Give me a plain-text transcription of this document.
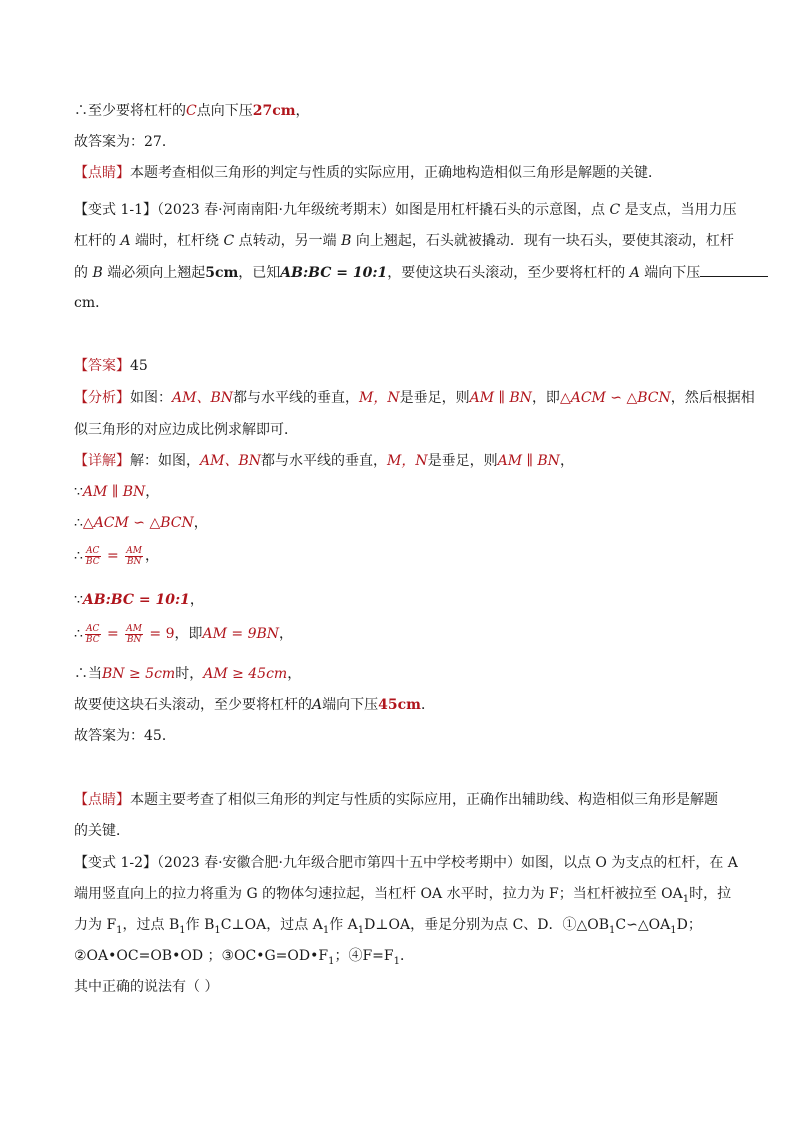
∴至少要将杠杆的C点向下压27cm，
故答案为：27．
【点睛】本题考查相似三角形的判定与性质的实际应用，正确地构造相似三角形是解题的关键．
【变式 1-1】（2023 春·河南南阳·九年级统考期末）如图是用杠杆撬石头的示意图，点 C 是支点，当用力压
杠杆的 A 端时，杠杆绕 C 点转动，另一端 B 向上翘起，石头就被撬动．现有一块石头，要使其滚动，杠杆
的 B 端必须向上翘起5cm，已知AB:BC = 10:1，要使这块石头滚动，至少要将杠杆的 A 端向下压
cm．
【答案】45
【分析】如图：AM、BN都与水平线的垂直，M，N是垂足，则AM ∥ BN，即△ACM ∽ △BCN，然后根据相
似三角形的对应边成比例求解即可．
【详解】解：如图，AM、BN都与水平线的垂直，M，N是垂足，则AM ∥ BN，
∵AM ∥ BN，
∴△ACM ∽ △BCN，
∴ $\frac{AC}{BC} = \frac{AM}{BN}$ ，
∵AB:BC = 10:1，
∴ $\frac{AC}{BC} = \frac{AM}{BN} = 9$，即AM = 9BN，
∴当BN ≥ 5cm时，AM ≥ 45cm，
故要使这块石头滚动，至少要将杠杆的A端向下压45cm．
故答案为：45．
【点睛】本题主要考查了相似三角形的判定与性质的实际应用，正确作出辅助线、构造相似三角形是解题
的关键．
【变式 1-2】（2023 春·安徽合肥·九年级合肥市第四十五中学校考期中）如图，以点 O 为支点的杠杆，在 A
端用竖直向上的拉力将重为 G 的物体匀速拉起，当杠杆 OA 水平时，拉力为 F；当杠杆被拉至 $OA_1$时，拉
力为 $F_1$，过点 $B_1$作 $B_1C\perp OA$，过点 $A_1$作 $A_1D\perp OA$，垂足分别为点 C、D．$①\triangle OB_1C∽\triangle OA_1D$；
②OA•OC=OB•OD ；$③OC•G=OD•F_1$；$④F=F_1$．
其中正确的说法有（ ）
